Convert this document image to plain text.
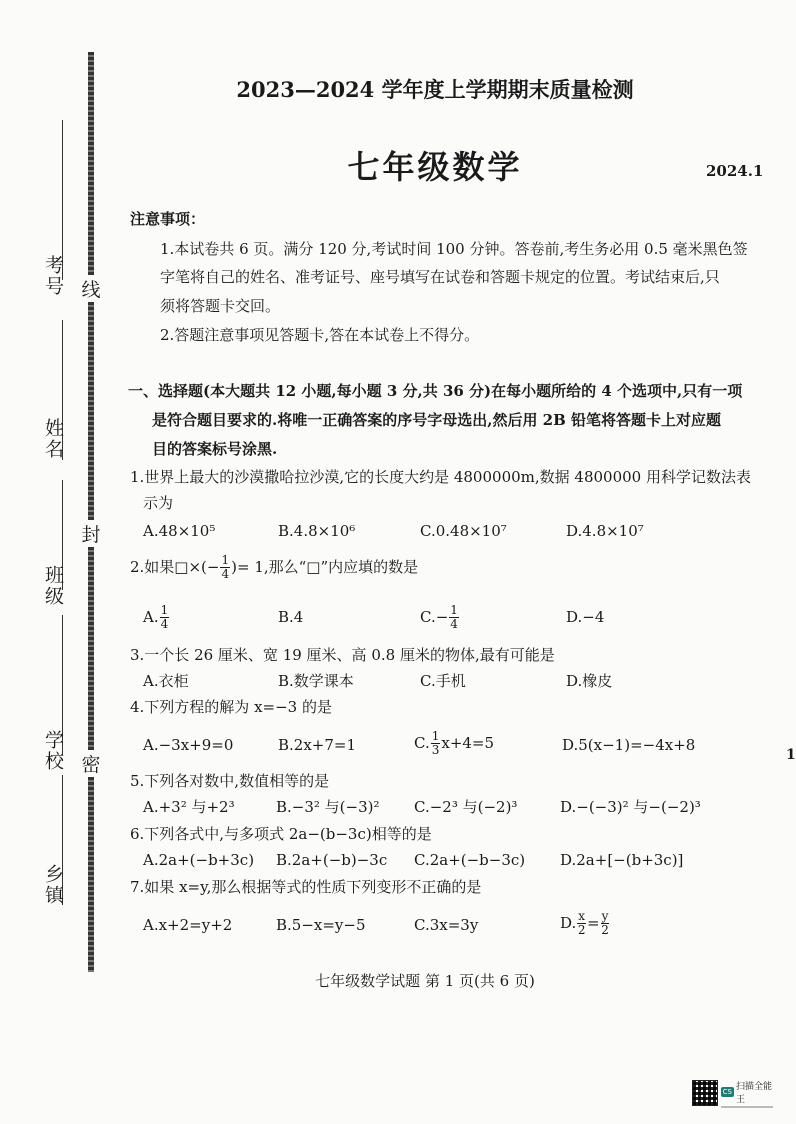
考号
姓名
班级
学校
乡镇
线
封
密
2023—2024 学年度上学期期末质量检测
七年级数学	2024.1
注意事项：
1.本试卷共 6 页。满分 120 分,考试时间 100 分钟。答卷前,考生务必用 0.5 毫米黑色签
字笔将自己的姓名、准考证号、座号填写在试卷和答题卡规定的位置。考试结束后,只
须将答题卡交回。
2.答题注意事项见答题卡,答在本试卷上不得分。
一、选择题(本大题共 12 小题,每小题 3 分,共 36 分)在每小题所给的 4 个选项中,只有一项
是符合题目要求的.将唯一正确答案的序号字母选出,然后用 2B 铅笔将答题卡上对应题
目的答案标号涂黑.
1.世界上最大的沙漠撒哈拉沙漠,它的长度大约是 4800000m,数据 4800000 用科学记数法表
示为
A.48×10⁵	B.4.8×10⁶	C.0.48×10⁷	D.4.8×10⁷
2.如果□×(− $\frac{1}{4}$ )= 1,那么“□”内应填的数是
A. $\frac{1}{4}$	B.4	$C.- \frac{1}{4}$	D.−4
3.一个长 26 厘米、宽 19 厘米、高 0.8 厘米的物体,最有可能是
A.衣柜	B.数学课本	C.手机	D.橡皮
4.下列方程的解为 x=−3 的是
A.−3x+9=0	B.2x+7=1	C. $\frac{1}{3} x+4=5$	D.5(x−1)=−4x+8
5.下列各对数中,数值相等的是
A.+3² 与+2³	B.−3² 与(−3)² C.−2³ 与(−2)³	D.−(−3)² 与−(−2)³
6.下列各式中,与多项式 2a−(b−3c)相等的是
A.2a+(−b+3c) B.2a+(−b)−3c C.2a+(−b−3c) D.2a+[−(b+3c)]
7.如果 x=y,那么根据等式的性质下列变形不正确的是
A.x+2=y+2	B.5−x=y−5	C.3x=3y	D. $\frac{x}{2} = \frac{y}{2}$
七年级数学试题 第 1 页(共 6 页)
1
CS 扫描全能王
